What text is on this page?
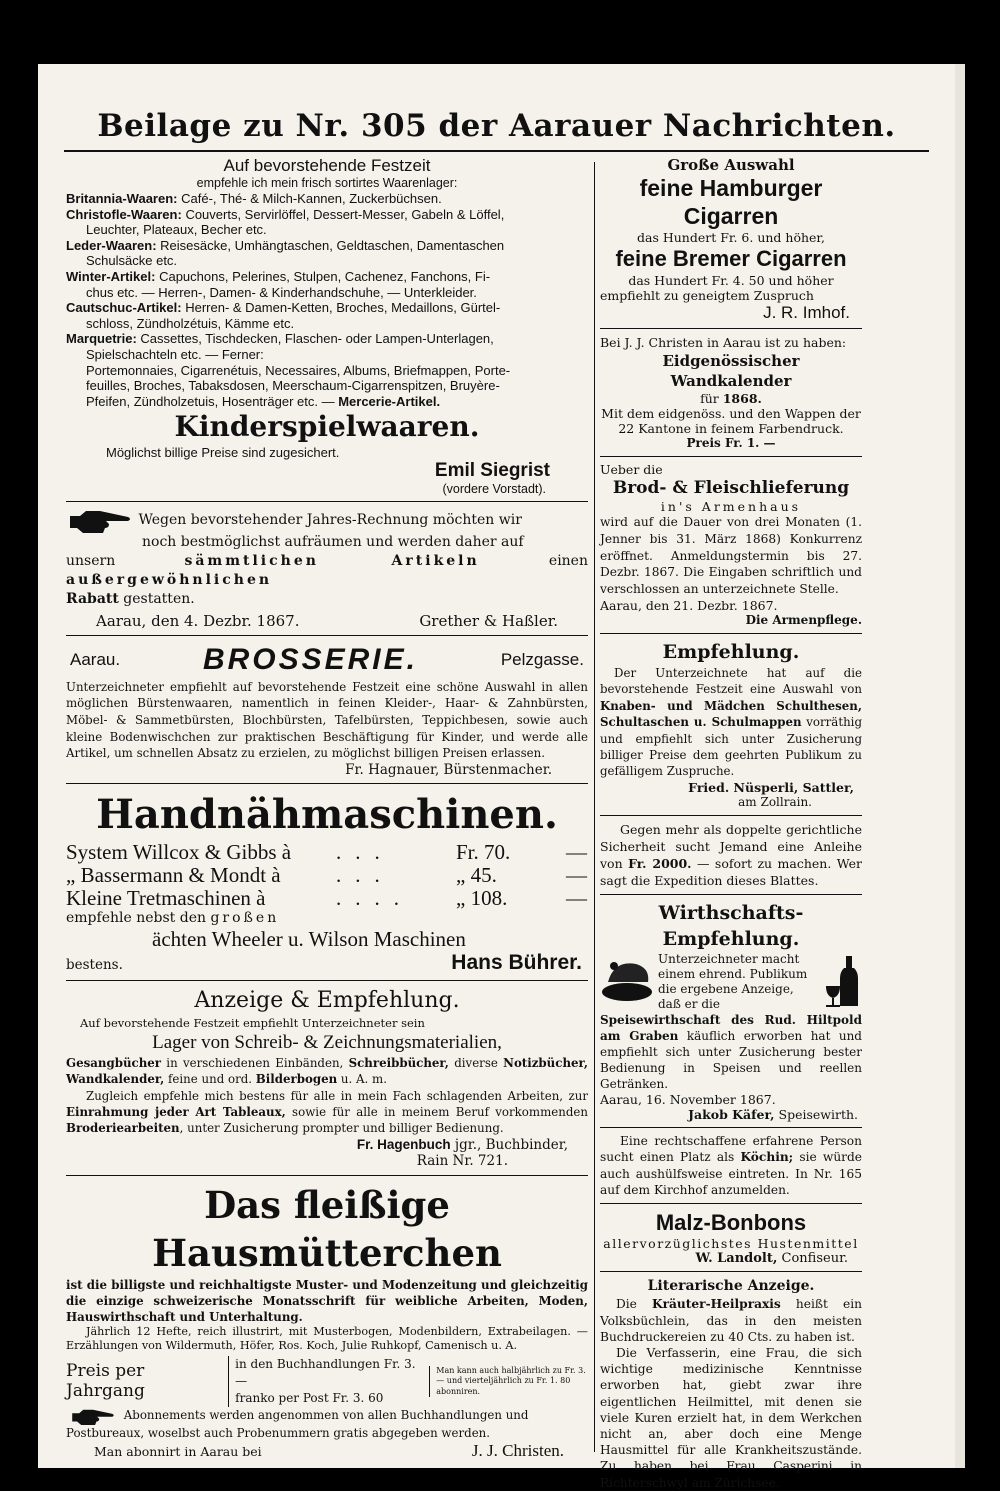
Beilage zu Nr. 305 der Aarauer Nachrichten.

Auf bevorstehende Festzeit

empfehle ich mein frisch sortirtes Waarenlager:

Britannia-Waaren: Café-, Thé- & Milch-Kannen, Zuckerbüchsen.

Christofle-Waaren: Couverts, Servirlöffel, Dessert-Messer, Gabeln & Löffel,

Leuchter, Plateaux, Becher etc.

Leder-Waaren: Reisesäcke, Umhängtaschen, Geldtaschen, Damentaschen

Schulsäcke etc.

Winter-Artikel: Capuchons, Pelerines, Stulpen, Cachenez, Fanchons, Fi-

chus etc. — Herren-, Damen- & Kinderhandschuhe, — Unterkleider.

Cautschuc-Artikel: Herren- & Damen-Ketten, Broches, Medaillons, Gürtel-

schloss, Zündholzétuis, Kämme etc.

Marquetrie: Cassettes, Tischdecken, Flaschen- oder Lampen-Unterlagen,

Spielschachteln etc. — Ferner:

Portemonnaies, Cigarrenétuis, Necessaires, Albums, Briefmappen, Porte-

feuilles, Broches, Tabaksdosen, Meerschaum-Cigarrenspitzen, Bruyère-

Pfeifen, Zündholzetuis, Hosenträger etc. — Mercerie-Artikel.

Kinderspielwaaren.

Möglichst billige Preise sind zugesichert.

Emil Siegrist

(vordere Vorstadt).

Wegen bevorstehender Jahres-Rechnung möchten wir

noch bestmöglichst aufräumen und werden daher auf

unsern	sämmtlichen Artikeln	einen außergewöhnlichen

Rabatt gestatten.

Aarau, den 4. Dezbr. 1867.	Grether & Haßler.
Aarau.	BROSSERIE.	Pelzgasse.

Unterzeichneter empfiehlt auf bevorstehende Festzeit eine schöne Auswahl in allen möglichen Bürstenwaaren, namentlich in feinen Kleider-, Haar- & Zahnbürsten, Möbel- & Sammetbürsten, Blochbürsten, Tafelbürsten, Teppichbesen, sowie auch kleine Bodenwischchen zur praktischen Beschäftigung für Kinder, und werde alle Artikel, um schnellen Absatz zu erzielen, zu möglichst billigen Preisen erlassen.

Fr. Hagnauer, Bürstenmacher.

Handnähmaschinen.

System Willcox & Gibbs à	...	Fr. 70.	—
„ Bassermann & Mondt à	...	„ 45.	—
Kleine Tretmaschinen à	....	„ 108.	—

empfehle nebst den großen

ächten Wheeler u. Wilson Maschinen

bestens.	Hans Bührer.

Anzeige & Empfehlung.

Auf bevorstehende Festzeit empfiehlt Unterzeichneter sein

Lager von Schreib- & Zeichnungsmaterialien,

Gesangbücher in verschiedenen Einbänden, Schreibbücher, diverse Notizbücher, Wandkalender, feine und ord. Bilderbogen u. A. m.

Zugleich empfehle mich bestens für alle in mein Fach schlagenden Arbeiten, zur Einrahmung jeder Art Tableaux, sowie für alle in meinem Beruf vorkommenden Broderiearbeiten, unter Zusicherung prompter und billiger Bedienung.

Fr. Hagenbuch jgr., Buchbinder,

Rain Nr. 721.

Das fleißige Hausmütterchen

ist die billigste und reichhaltigste Muster- und Modenzeitung und gleichzeitig die einzige schweizerische Monatsschrift für weibliche Arbeiten, Moden, Hauswirthschaft und Unterhaltung.

Jährlich 12 Hefte, reich illustrirt, mit Musterbogen, Modenbildern, Extrabeilagen. — Erzählungen von Wildermuth, Höfer, Ros. Koch, Julie Ruhkopf, Camenisch u. A.

Preis per Jahrgang
in den Buchhandlungen Fr. 3. —
franko per Post Fr. 3. 60
Man kann auch halbjährlich zu Fr. 3. — und vierteljährlich zu Fr. 1. 80 abonniren.

Abonnements werden angenommen von allen Buchhandlungen und Postbureaux, woselbst auch Probenummern gratis abgegeben werden.

Man abonnirt in Aarau bei	J. J. Christen.

Große Auswahl

feine Hamburger Cigarren

das Hundert Fr. 6. und höher,

feine Bremer Cigarren

das Hundert Fr. 4. 50 und höher

empfiehlt zu geneigtem Zuspruch

J. R. Imhof.

Bei J. J. Christen in Aarau ist zu haben:

Eidgenössischer Wandkalender

für 1868.

Mit dem eidgenöss. und den Wappen der 22 Kantone in feinem Farbendruck.

Preis Fr. 1. —

Ueber die

Brod- & Fleischlieferung

in's Armenhaus

wird auf die Dauer von drei Monaten (1. Jenner bis 31. März 1868) Konkurrenz eröffnet. Anmeldungstermin bis 27. Dezbr. 1867. Die Eingaben schriftlich und verschlossen an unterzeichnete Stelle.

Aarau, den 21. Dezbr. 1867.

Die Armenpflege.

Empfehlung.

Der Unterzeichnete hat auf die bevorstehende Festzeit eine Auswahl von Knaben- und Mädchen Schulthesen, Schultaschen u. Schulmappen vorräthig und empfiehlt sich unter Zusicherung billiger Preise dem geehrten Publikum zu gefälligem Zuspruche.

Fried. Nüsperli, Sattler,

am Zollrain.

Gegen mehr als doppelte gerichtliche Sicherheit sucht Jemand eine Anleihe von Fr. 2000. — sofort zu machen. Wer sagt die Expedition dieses Blattes.

Wirthschafts-Empfehlung.

Unterzeichneter macht einem ehrend. Publikum die ergebene Anzeige, daß er die

Speisewirthschaft des Rud. Hiltpold am Graben käuflich erworben hat und empfiehlt sich unter Zusicherung bester Bedienung in Speisen und reellen Getränken.

Aarau, 16. November 1867.

Jakob Käfer, Speisewirth.

Eine rechtschaffene erfahrene Person sucht einen Platz als Köchin; sie würde auch aushülfsweise eintreten. In Nr. 165 auf dem Kirchhof anzumelden.

Malz-Bonbons

allervorzüglichstes Hustenmittel

W. Landolt, Confiseur.

Literarische Anzeige.

Die Kräuter-Heilpraxis heißt ein Volksbüchlein, das in den meisten Buchdruckereien zu 40 Cts. zu haben ist.

Die Verfasserin, eine Frau, die sich wichtige medizinische Kenntnisse erworben hat, giebt zwar ihre eigentlichen Heilmittel, mit denen sie viele Kuren erzielt hat, in dem Werkchen nicht an, aber doch eine Menge Hausmittel für alle Krankheitszustände. Zu haben bei Frau Casperini in Richterschwyl am Zürichsee.
